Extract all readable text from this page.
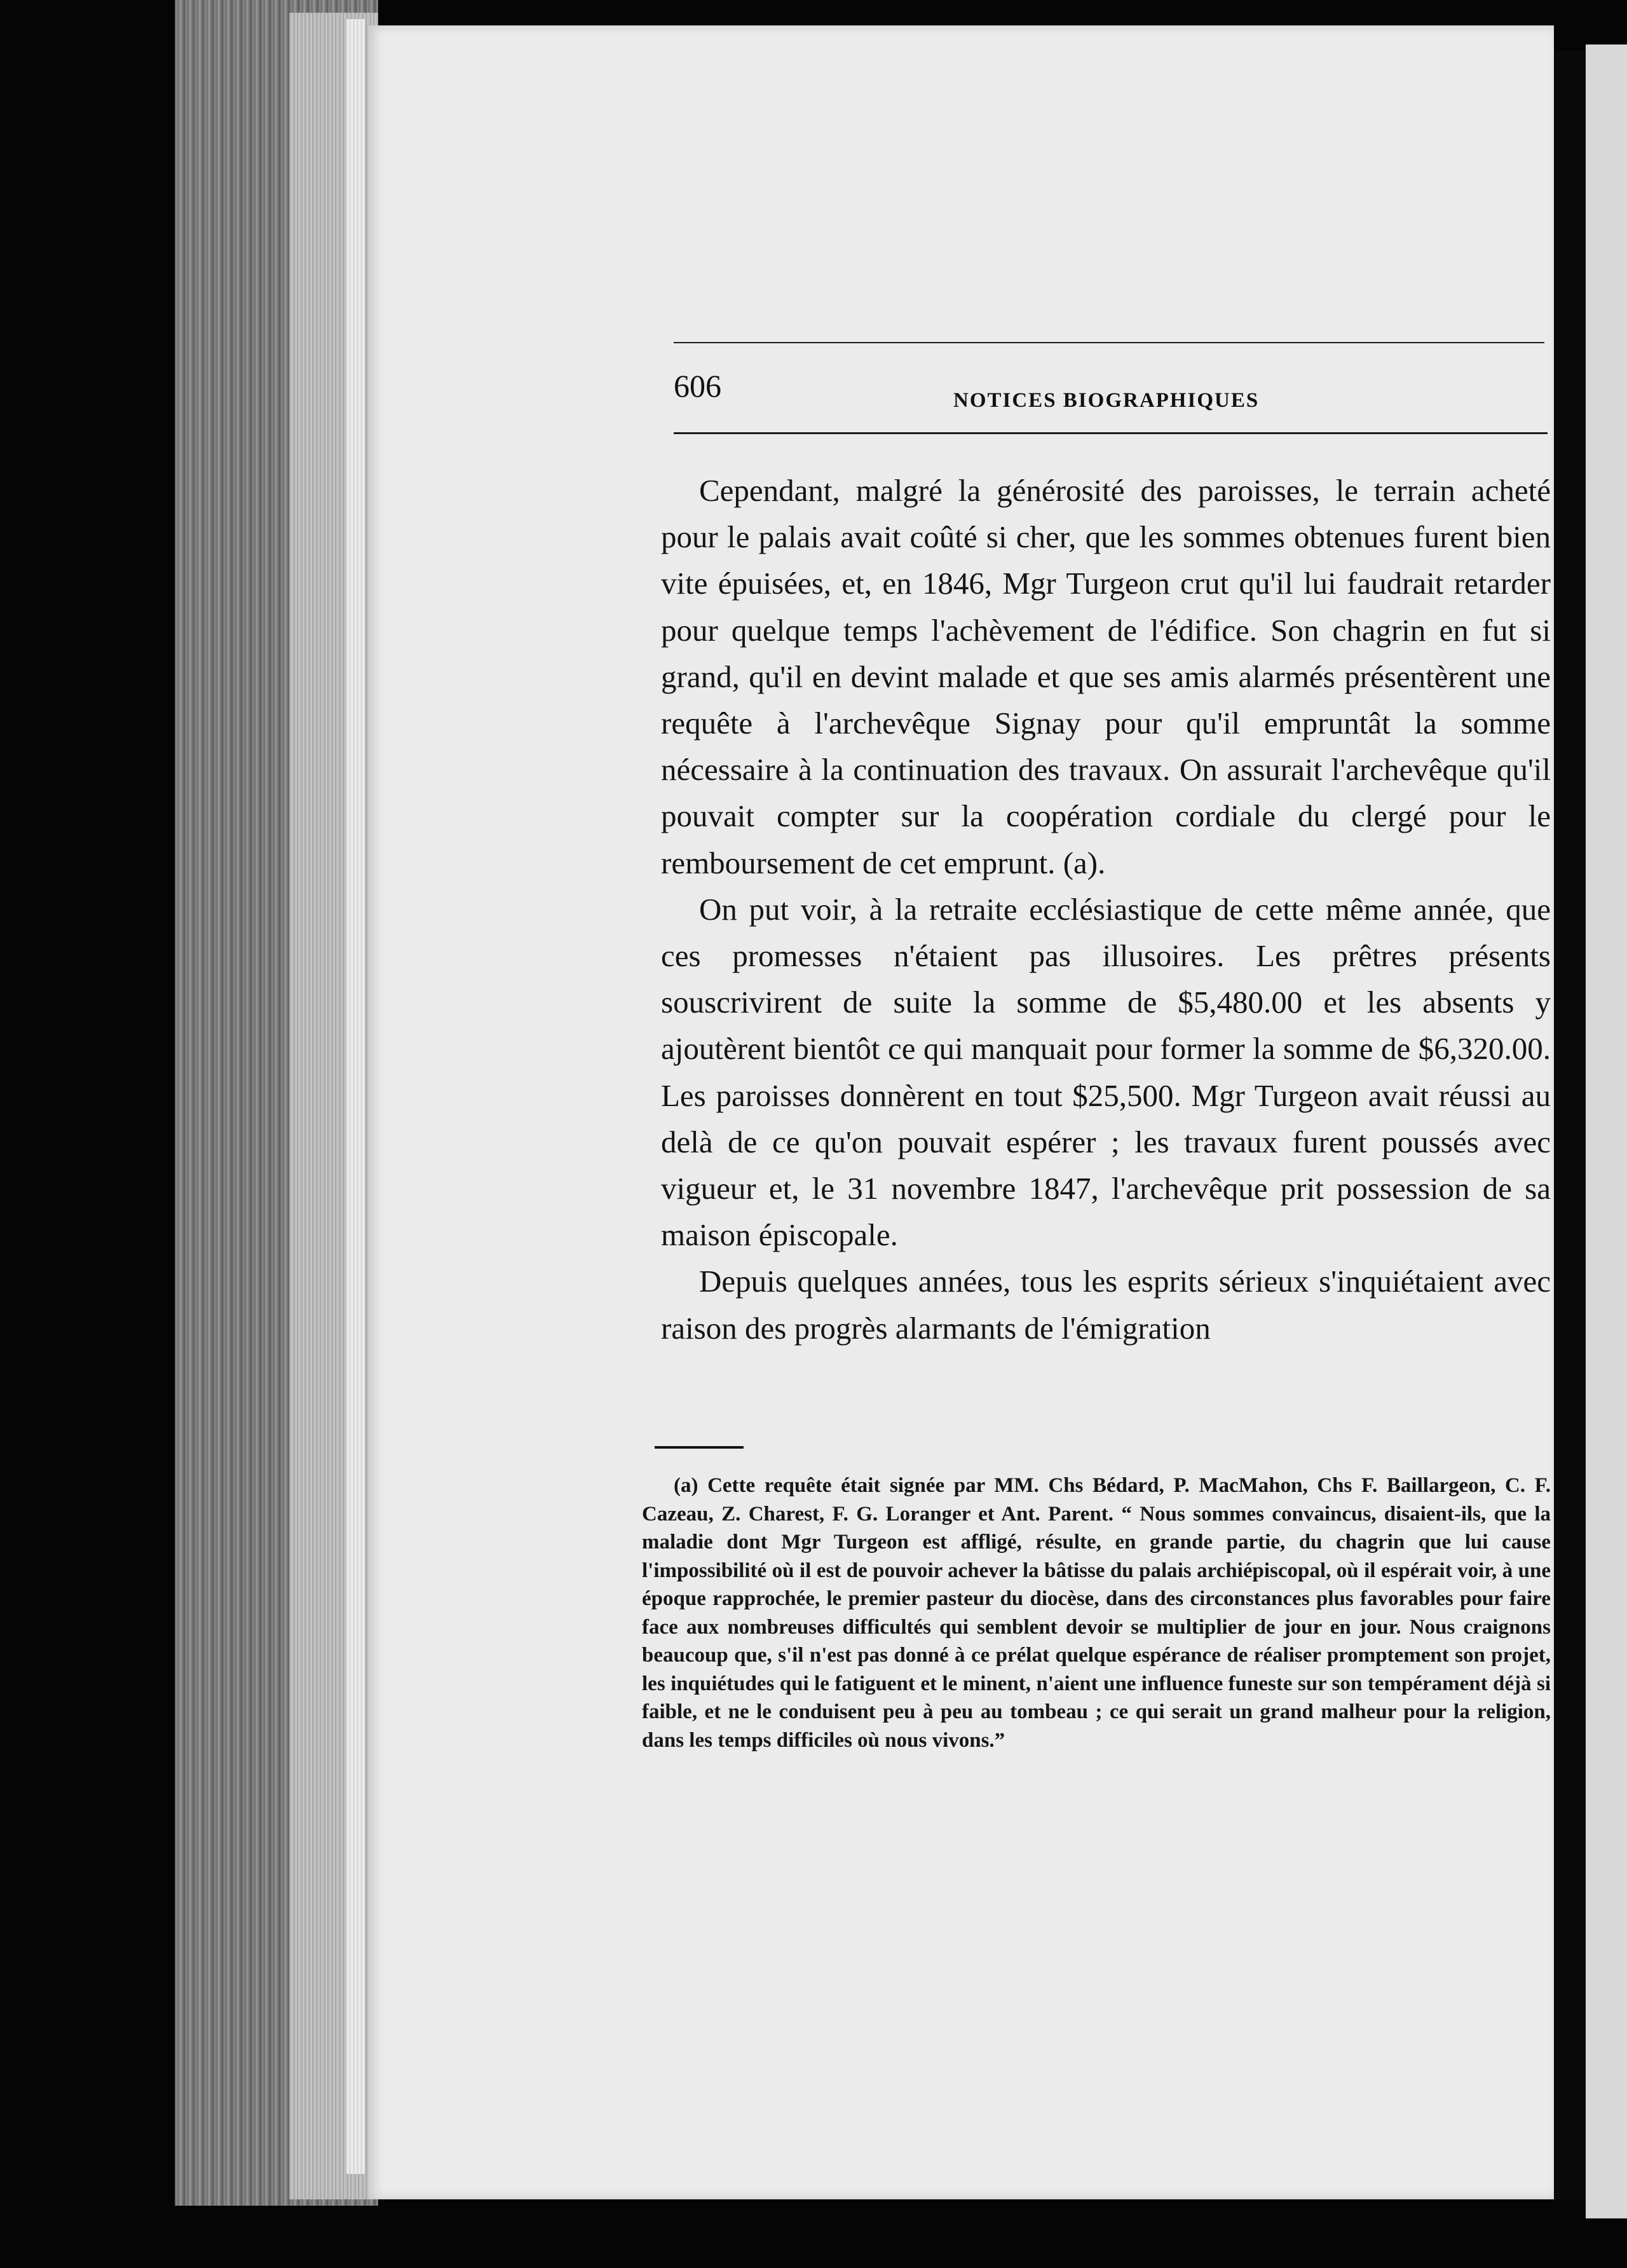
606	NOTICES BIOGRAPHIQUES

Cependant, malgré la générosité des paroisses, le terrain acheté pour le palais avait coûté si cher, que les sommes obtenues furent bien vite épuisées, et, en 1846, Mgr Turgeon crut qu'il lui faudrait retarder pour quelque temps l'achèvement de l'édifice. Son chagrin en fut si grand, qu'il en devint malade et que ses amis alarmés présentèrent une requête à l'archevêque Signay pour qu'il empruntât la somme nécessaire à la continuation des travaux. On assurait l'archevêque qu'il pouvait compter sur la coopération cordiale du clergé pour le remboursement de cet emprunt. (a).

On put voir, à la retraite ecclésiastique de cette même année, que ces promesses n'étaient pas illusoires. Les prêtres présents souscrivirent de suite la somme de $5,480.00 et les absents y ajoutèrent bientôt ce qui manquait pour former la somme de $6,320.00. Les paroisses donnèrent en tout $25,500. Mgr Turgeon avait réussi au delà de ce qu'on pouvait espérer ; les travaux furent poussés avec vigueur et, le 31 novembre 1847, l'archevêque prit possession de sa maison épiscopale.

Depuis quelques années, tous les esprits sérieux s'inquiétaient avec raison des progrès alarmants de l'émigration

(a) Cette requête était signée par MM. Chs Bédard, P. MacMahon, Chs F. Baillargeon, C. F. Cazeau, Z. Charest, F. G. Loranger et Ant. Parent. “ Nous sommes convaincus, disaient-ils, que la maladie dont Mgr Turgeon est affligé, résulte, en grande partie, du chagrin que lui cause l'impossibilité où il est de pouvoir achever la bâtisse du palais archiépiscopal, où il espérait voir, à une époque rapprochée, le premier pasteur du diocèse, dans des circonstances plus favorables pour faire face aux nombreuses difficultés qui semblent devoir se multiplier de jour en jour. Nous craignons beaucoup que, s'il n'est pas donné à ce prélat quelque espérance de réaliser promptement son projet, les inquiétudes qui le fatiguent et le minent, n'aient une influence funeste sur son tempérament déjà si faible, et ne le conduisent peu à peu au tombeau ; ce qui serait un grand malheur pour la religion, dans les temps difficiles où nous vivons.”
